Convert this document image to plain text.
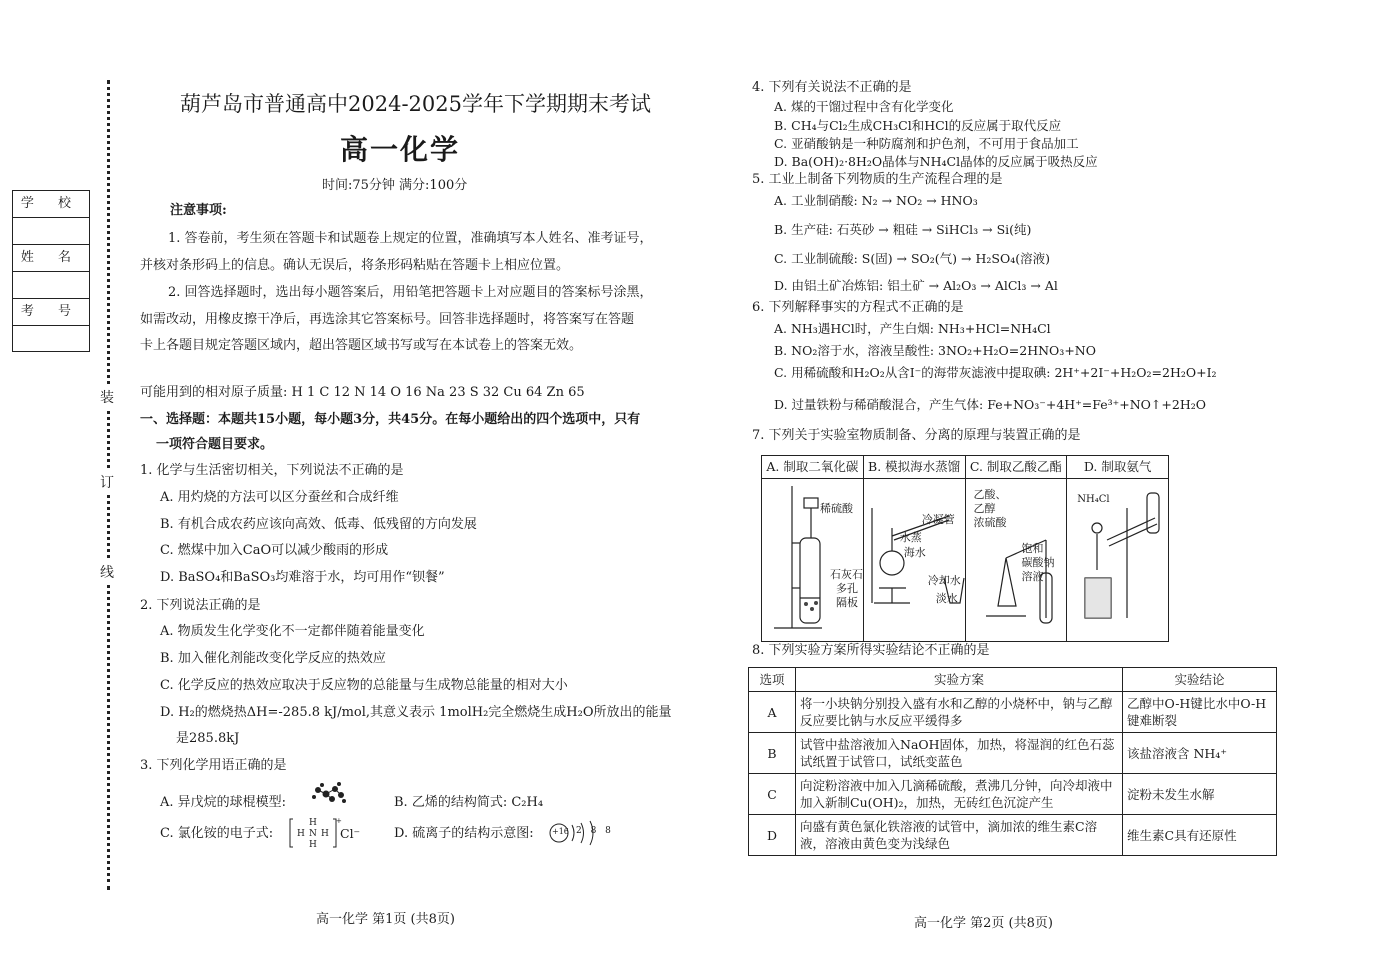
装
订
线
学 校
姓 名
考 号
葫芦岛市普通高中2024-2025学年下学期期末考试
高一化学
时间:75分钟 满分:100分
注意事项:
1. 答卷前，考生须在答题卡和试题卷上规定的位置，准确填写本人姓名、准考证号，
并核对条形码上的信息。确认无误后，将条形码粘贴在答题卡上相应位置。
2. 回答选择题时，选出每小题答案后，用铅笔把答题卡上对应题目的答案标号涂黑，
如需改动，用橡皮擦干净后，再选涂其它答案标号。回答非选择题时，将答案写在答题
卡上各题目规定答题区域内，超出答题区域书写或写在本试卷上的答案无效。
可能用到的相对原子质量: H 1 C 12 N 14 O 16 Na 23 S 32 Cu 64 Zn 65
一、选择题：本题共15小题，每小题3分，共45分。在每小题给出的四个选项中，只有
一项符合题目要求。
1. 化学与生活密切相关，下列说法不正确的是
A. 用灼烧的方法可以区分蚕丝和合成纤维
B. 有机合成农药应该向高效、低毒、低残留的方向发展
C. 燃煤中加入CaO可以减少酸雨的形成
D. BaSO₄和BaSO₃均难溶于水，均可用作“钡餐”
2. 下列说法正确的是
A. 物质发生化学变化不一定都伴随着能量变化
B. 加入催化剂能改变化学反应的热效应
C. 化学反应的热效应取决于反应物的总能量与生成物总能量的相对大小
D. H₂的燃烧热ΔH=-285.8 kJ/mol,其意义表示 1molH₂完全燃烧生成H₂O所放出的能量
是285.8kJ
3. 下列化学用语正确的是
A. 异戊烷的球棍模型:	B. 乙烯的结构简式: C₂H₄
C. 氯化铵的电子式:
H
H N H
H
+
Cl⁻	D. 硫离子的结构示意图: +16 2 8 8
高一化学 第1页 (共8页)
4. 下列有关说法不正确的是
A. 煤的干馏过程中含有化学变化
B. CH₄与Cl₂生成CH₃Cl和HCl的反应属于取代反应
C. 亚硝酸钠是一种防腐剂和护色剂，不可用于食品加工
D. Ba(OH)₂·8H₂O晶体与NH₄Cl晶体的反应属于吸热反应
5. 工业上制备下列物质的生产流程合理的是
A. 工业制硝酸: N₂ → NO₂ → HNO₃
B. 生产硅: 石英砂 → 粗硅 → SiHCl₃ → Si(纯)
C. 工业制硫酸: S(固) → SO₂(气) → H₂SO₄(溶液)
D. 由铝土矿冶炼铝: 铝土矿 → Al₂O₃ → AlCl₃ → Al
6. 下列解释事实的方程式不正确的是
A. NH₃遇HCl时，产生白烟: NH₃+HCl=NH₄Cl
B. NO₂溶于水，溶液呈酸性: 3NO₂+H₂O=2HNO₃+NO
C. 用稀硫酸和H₂O₂从含I⁻的海带灰滤液中提取碘: 2H⁺+2I⁻+H₂O₂=2H₂O+I₂
D. 过量铁粉与稀硝酸混合，产生气体: Fe+NO₃⁻+4H⁺=Fe³⁺+NO↑+2H₂O
7. 下列关于实验室物质制备、分离的原理与装置正确的是
A. 制取二氧化碳
稀硫酸
石灰石
多孔
隔板
B. 模拟海水蒸馏
冷凝管
水蒸
海水
冷却水
淡水
C. 制取乙酸乙酯
乙酸、
乙醇
浓硫酸
饱和
碳酸钠
溶液
D. 制取氨气
NH₄Cl
8. 下列实验方案所得实验结论不正确的是
选项	实验方案	实验结论
A	将一小块钠分别投入盛有水和乙醇的小烧杯中，钠与乙醇反应要比钠与水反应平缓得多	乙醇中O-H键比水中O-H键难断裂
B	试管中盐溶液加入NaOH固体，加热，将湿润的红色石蕊试纸置于试管口，试纸变蓝色	该盐溶液含 NH₄⁺
C	向淀粉溶液中加入几滴稀硫酸，煮沸几分钟，向冷却液中加入新制Cu(OH)₂，加热，无砖红色沉淀产生	淀粉未发生水解
D	向盛有黄色氯化铁溶液的试管中，滴加浓的维生素C溶液，溶液由黄色变为浅绿色	维生素C具有还原性
高一化学 第2页 (共8页)
